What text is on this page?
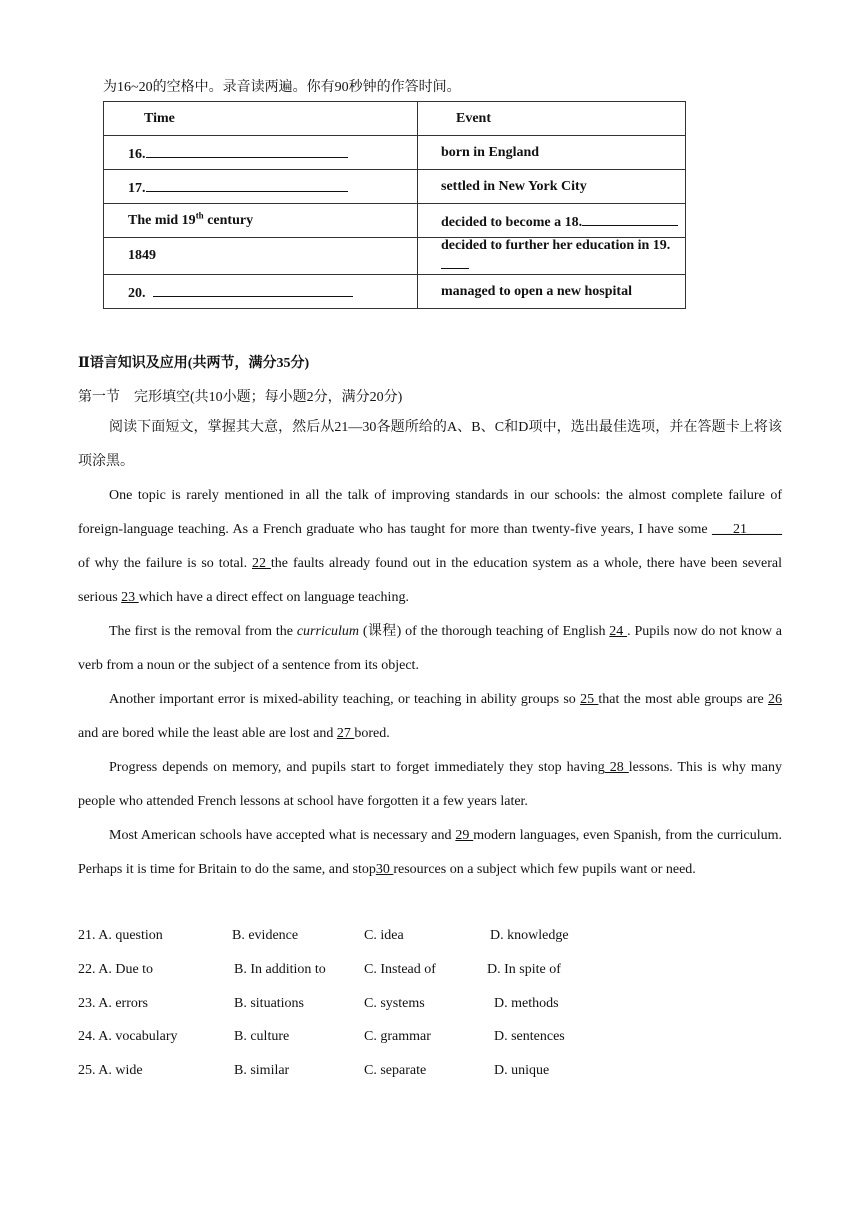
为16~20的空格中。录音读两遍。你有90秒钟的作答时间。
Time	Event
16.	born in England
17.	settled in New York City
The mid 19th century	decided to become a 18.
1849	decided to further her education in 19.
20.	managed to open a new hospital
Ⅱ语言知识及应用(共两节，满分35分)
第一节　完形填空(共10小题；每小题2分，满分20分)

阅读下面短文，掌握其大意，然后从21—30各题所给的A、B、C和D项中，选出最佳选项，并在答题卡上将该项涂黑。

One topic is rarely mentioned in all the talk of improving standards in our schools: the almost complete failure of foreign-language teaching. As a French graduate who has taught for more than twenty-five years, I have some ___21_____ of why the failure is so total. 22 the faults already found out in the education system as a whole, there have been several serious 23 which have a direct effect on language teaching.

The first is the removal from the curriculum (课程) of the thorough teaching of English 24 . Pupils now do not know a verb from a noun or the subject of a sentence from its object.

Another important error is mixed-ability teaching, or teaching in ability groups so 25 that the most able groups are 26 and are bored while the least able are lost and 27 bored.

Progress depends on memory, and pupils start to forget immediately they stop having 28 lessons. This is why many people who attended French lessons at school have forgotten it a few years later.

Most American schools have accepted what is necessary and 29 modern languages, even Spanish, from the curriculum. Perhaps it is time for Britain to do the same, and stop30 resources on a subject which few pupils want or need.

21. A. question	B. evidence	C. idea	D. knowledge
22. A. Due to	B. In addition to	C. Instead of	D. In spite of
23. A. errors	B. situations	C. systems	D. methods
24. A. vocabulary	B. culture	C. grammar	D. sentences
25. A. wide	B. similar	C. separate	D. unique
